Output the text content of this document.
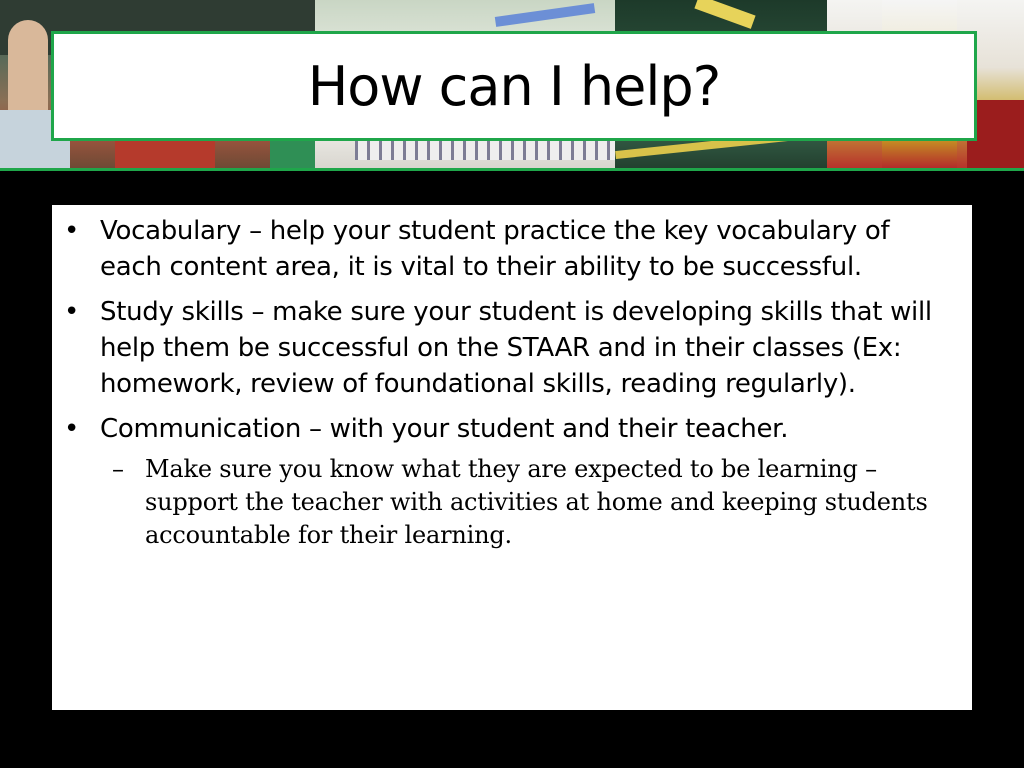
How can I help?
• Vocabulary – help your student practice the key vocabulary of each content area, it is vital to their ability to be successful.
• Study skills – make sure your student is developing skills that will help them be successful on the STAAR and in their classes (Ex: homework, review of foundational skills, reading regularly).
• Communication – with your student and their teacher.
– Make sure you know what they are expected to be learning – support the teacher with activities at home and keeping students accountable for their learning.
